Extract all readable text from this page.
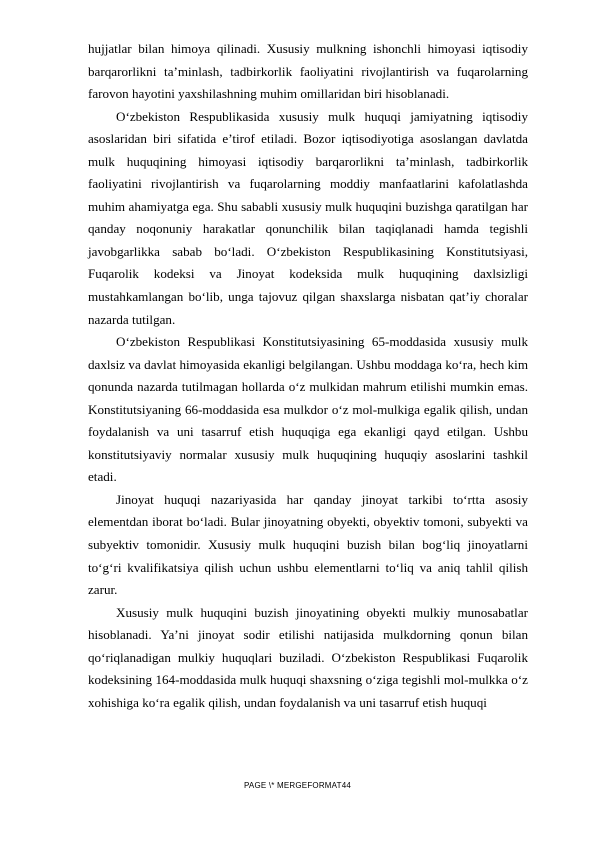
hujjatlar bilan himoya qilinadi. Xususiy mulkning ishonchli himoyasi iqtisodiy barqarorlikni ta’minlash, tadbirkorlik faoliyatini rivojlantirish va fuqarolarning farovon hayotini yaxshilashning muhim omillaridan biri hisoblanadi.

O‘zbekiston Respublikasida xususiy mulk huquqi jamiyatning iqtisodiy asoslaridan biri sifatida e’tirof etiladi. Bozor iqtisodiyotiga asoslangan davlatda mulk huquqining himoyasi iqtisodiy barqarorlikni ta’minlash, tadbirkorlik faoliyatini rivojlantirish va fuqarolarning moddiy manfaatlarini kafolatlashda muhim ahamiyatga ega. Shu sababli xususiy mulk huquqini buzishga qaratilgan har qanday noqonuniy harakatlar qonunchilik bilan taqiqlanadi hamda tegishli javobgarlikka sabab bo‘ladi. O‘zbekiston Respublikasining Konstitutsiyasi, Fuqarolik kodeksi va Jinoyat kodeksida mulk huquqining daxlsizligi mustahkamlangan bo‘lib, unga tajovuz qilgan shaxslarga nisbatan qat’iy choralar nazarda tutilgan.

O‘zbekiston Respublikasi Konstitutsiyasining 65-moddasida xususiy mulk daxlsiz va davlat himoyasida ekanligi belgilangan. Ushbu moddaga ko‘ra, hech kim qonunda nazarda tutilmagan hollarda o‘z mulkidan mahrum etilishi mumkin emas. Konstitutsiyaning 66-moddasida esa mulkdor o‘z mol-mulkiga egalik qilish, undan foydalanish va uni tasarruf etish huquqiga ega ekanligi qayd etilgan. Ushbu konstitutsiyaviy normalar xususiy mulk huquqining huquqiy asoslarini tashkil etadi.

Jinoyat huquqi nazariyasida har qanday jinoyat tarkibi to‘rtta asosiy elementdan iborat bo‘ladi. Bular jinoyatning obyekti, obyektiv tomoni, subyekti va subyektiv tomonidir. Xususiy mulk huquqini buzish bilan bog‘liq jinoyatlarni to‘g‘ri kvalifikatsiya qilish uchun ushbu elementlarni to‘liq va aniq tahlil qilish zarur.

Xususiy mulk huquqini buzish jinoyatining obyekti mulkiy munosabatlar hisoblanadi. Ya’ni jinoyat sodir etilishi natijasida mulkdorning qonun bilan qo‘riqlanadigan mulkiy huquqlari buziladi. O‘zbekiston Respublikasi Fuqarolik kodeksining 164-moddasida mulk huquqi shaxsning o‘ziga tegishli mol-mulkka o‘z xohishiga ko‘ra egalik qilish, undan foydalanish va uni tasarruf etish huquqi

PAGE \* MERGEFORMAT44
